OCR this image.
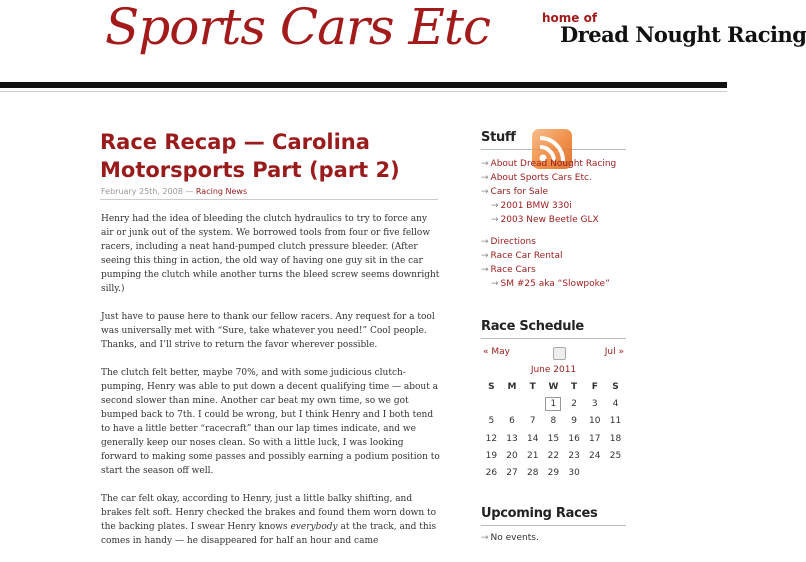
Sports Cars Etc	home of
Dread Nought Racing
Race Recap — Carolina Motorsports Part (part 2)
February 25th, 2008 — Racing News

Henry had the idea of bleeding the clutch hydraulics to try to force any air or junk out of the system. We borrowed tools from four or five fellow racers, including a neat hand-pumped clutch pressure bleeder. (After seeing this thing in action, the old way of having one guy sit in the car pumping the clutch while another turns the bleed screw seems downright silly.)

Just have to pause here to thank our fellow racers. Any request for a tool was universally met with “Sure, take whatever you need!” Cool people. Thanks, and I’ll strive to return the favor wherever possible.

The clutch felt better, maybe 70%, and with some judicious clutch-pumping, Henry was able to put down a decent qualifying time — about a second slower than mine. Another car beat my own time, so we got bumped back to 7th. I could be wrong, but I think Henry and I both tend to have a little better “racecraft” than our lap times indicate, and we generally keep our noses clean. So with a little luck, I was looking forward to making some passes and possibly earning a podium position to start the season off well.

The car felt okay, according to Henry, just a little balky shifting, and brakes felt soft. Henry checked the brakes and found them worn down to the backing plates. I swear Henry knows everybody at the track, and this comes in handy — he disappeared for half an hour and came

Stuff
→ About Dread Nought Racing
→ About Sports Cars Etc.
→ Cars for Sale
→ 2001 BMW 330i
→ 2003 New Beetle GLX
→ Directions
→ Race Car Rental
→ Race Cars
→ SM #25 aka “Slowpoke”
Race Schedule
« May	Jul »
June 2011
S	M	T	W	T	F	S
			1	2	3	4
5	6	7	8	9	10	11
12	13	14	15	16	17	18
19	20	21	22	23	24	25
26	27	28	29	30		
Upcoming Races
→ No events.
